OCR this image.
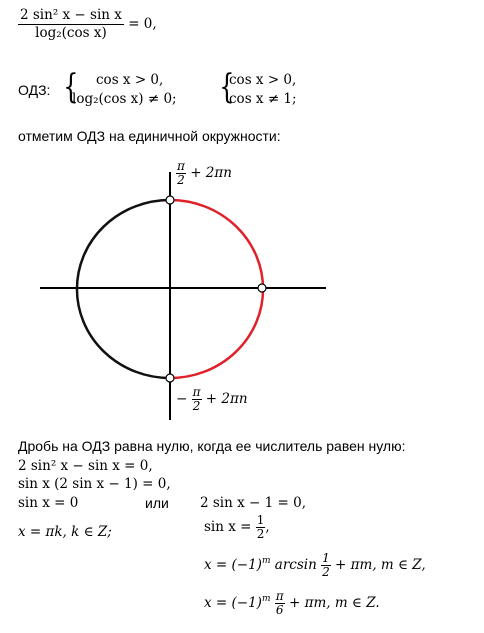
$\frac{\text{2 sin² x − sin x}}{\text{log₂(cos x)}} = 0$,
ОДЗ: { cos x > 0,
log₂(cos x) ≠ 0; {
cos x > 0,
cos x ≠ 1;
отметим ОДЗ на единичной окружности:
$\frac{\pi}{2} + 2\pi n$
− $\frac{\pi}{2} + 2\pi n$
Дробь на ОДЗ равна нулю, когда ее числитель равен нулю:
2 sin² x − sin x = 0,
sin x (2 sin x − 1) = 0,
sin x = 0	или 2 sin x − 1 = 0,
x = πk, k ∈ Z;	$\sin x = \frac{1}{2}$ ,
$x = (-1)^m$ $\arcsin \frac{1}{2} + \pi m$, m ∈ Z,
$x = (-1)^m \frac{\pi}{6} + \pi m$, m ∈ Z.
